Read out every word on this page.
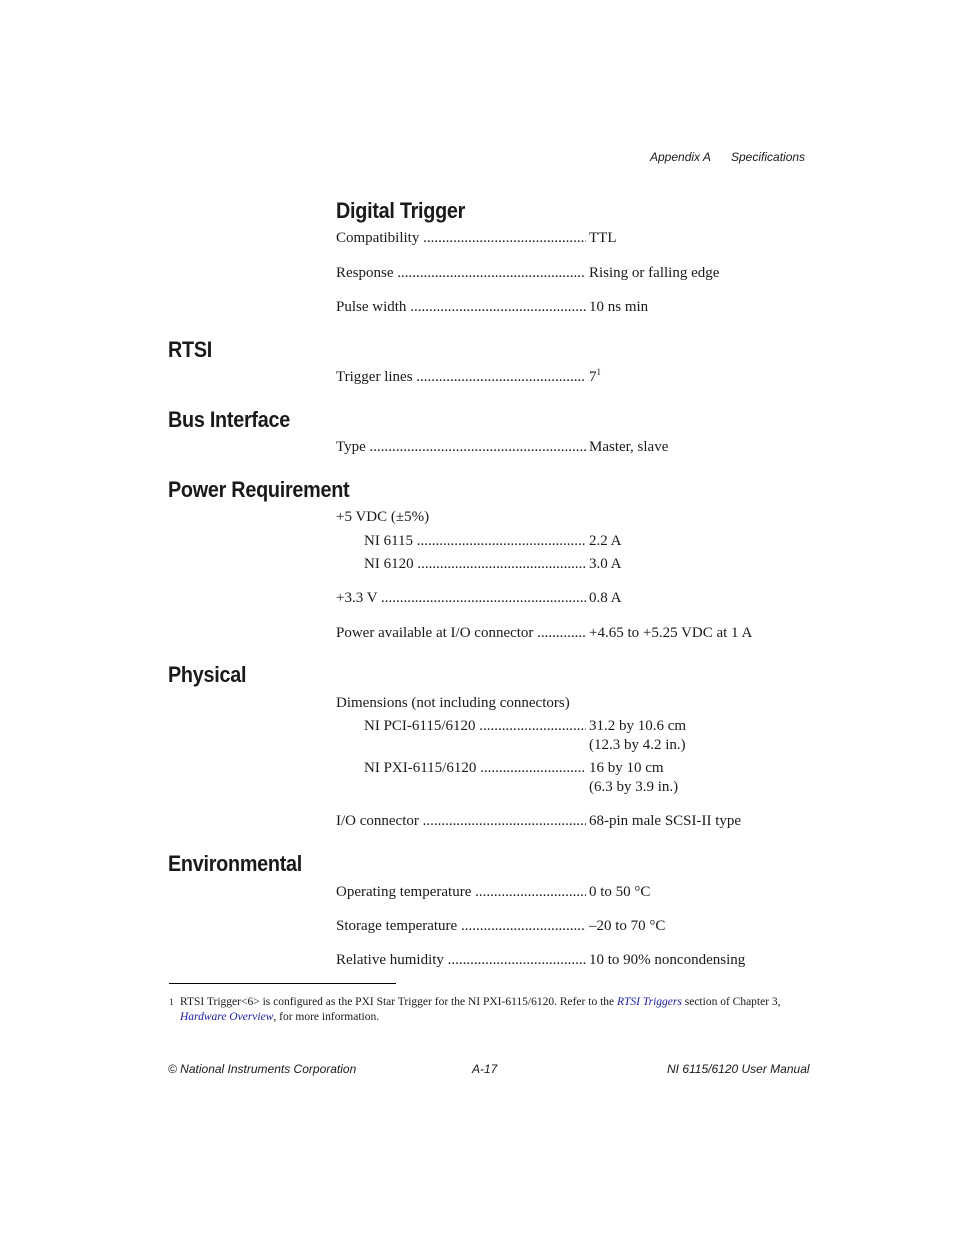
Appendix A Specifications
Digital Trigger
Compatibility .....	TTL
Response .....	Rising or falling edge
Pulse width .....	10 ns min
RTSI
Trigger lines .....	$7^1$
Bus Interface
Type .....	Master, slave
Power Requirement
+5 VDC (±5%)
NI 6115 .....	2.2 A
NI 6120 .....	3.0 A
+3.3 V .....	0.8 A
Power available at I/O connector .....	+4.65 to +5.25 VDC at 1 A
Physical
Dimensions (not including connectors)
NI PCI-6115/6120 .....	31.2 by 10.6 cm
(12.3 by 4.2 in.)
NI PXI-6115/6120 .....	16 by 10 cm
(6.3 by 3.9 in.)
I/O connector .....	68-pin male SCSI-II type
Environmental
Operating temperature .....	0 to 50 °C
Storage temperature .....	–20 to 70 °C
Relative humidity .....	10 to 90% noncondensing
1 RTSI Trigger<6> is configured as the PXI Star Trigger for the NI PXI-6115/6120. Refer to the RTSI Triggers section of Chapter 3, Hardware Overview, for more information.
© National Instruments Corporation	A-17	NI 6115/6120 User Manual
